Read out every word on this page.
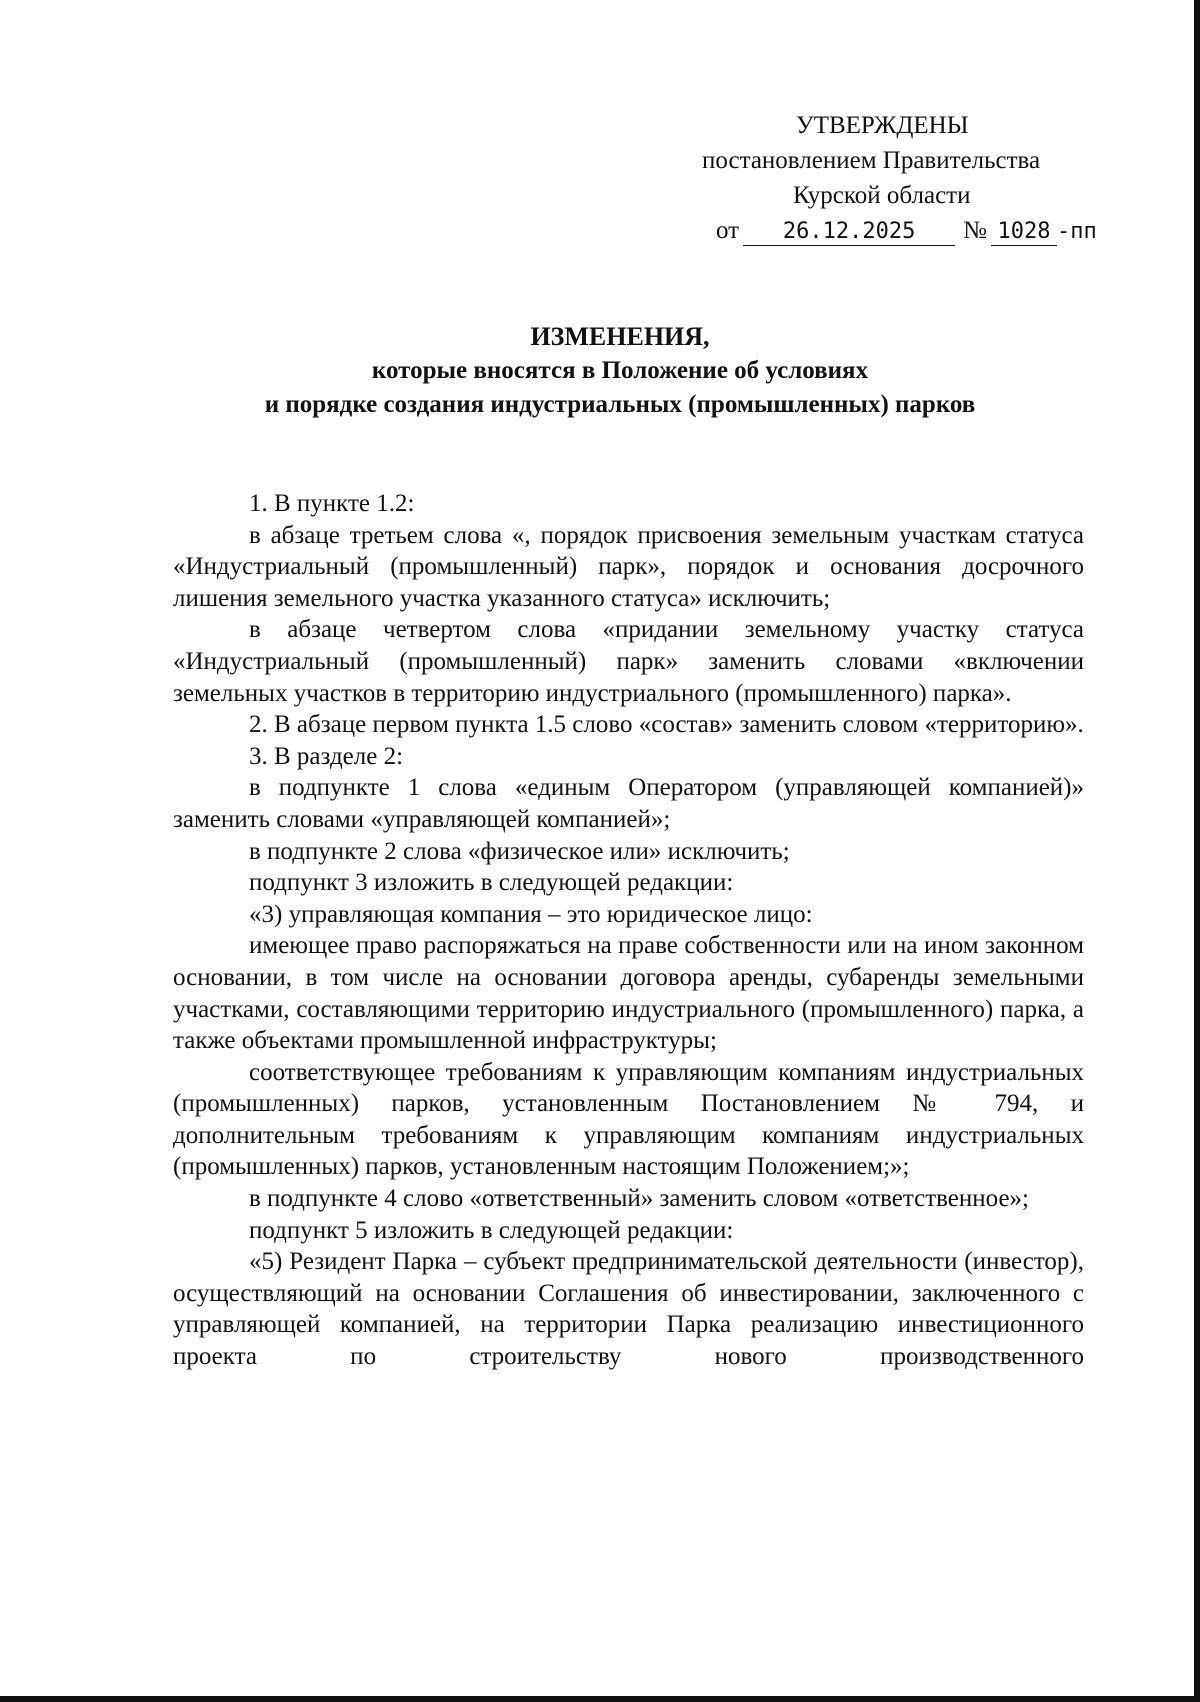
УТВЕРЖДЕНЫ
постановлением Правительства
Курской области
от 26.12.2025 № 1028 -пп
ИЗМЕНЕНИЯ,
которые вносятся в Положение об условиях
и порядке создания индустриальных (промышленных) парков

1. В пункте 1.2:

в абзаце третьем слова «, порядок присвоения земельным участкам статуса «Индустриальный (промышленный) парк», порядок и основания досрочного лишения земельного участка указанного статуса» исключить;

в абзаце четвертом слова «придании земельному участку статуса «Индустриальный (промышленный) парк» заменить словами «включении земельных участков в территорию индустриального (промышленного) парка».

2. В абзаце первом пункта 1.5 слово «состав» заменить словом «территорию».

3. В разделе 2:

в подпункте 1 слова «единым Оператором (управляющей компанией)» заменить словами «управляющей компанией»;

в подпункте 2 слова «физическое или» исключить;

подпункт 3 изложить в следующей редакции:

«3) управляющая компания – это юридическое лицо:

имеющее право распоряжаться на праве собственности или на ином законном основании, в том числе на основании договора аренды, субаренды земельными участками, составляющими территорию индустриального (промышленного) парка, а также объектами промышленной инфраструктуры;

соответствующее требованиям к управляющим компаниям индустриальных (промышленных) парков, установленным Постановлением № 794, и дополнительным требованиям к управляющим компаниям индустриальных (промышленных) парков, установленным настоящим Положением;»;

в подпункте 4 слово «ответственный» заменить словом «ответственное»;

подпункт 5 изложить в следующей редакции:

«5) Резидент Парка – субъект предпринимательской деятельности (инвестор), осуществляющий на основании Соглашения об инвестировании, заключенного с управляющей компанией, на территории Парка реализацию инвестиционного проекта по строительству нового производственного
